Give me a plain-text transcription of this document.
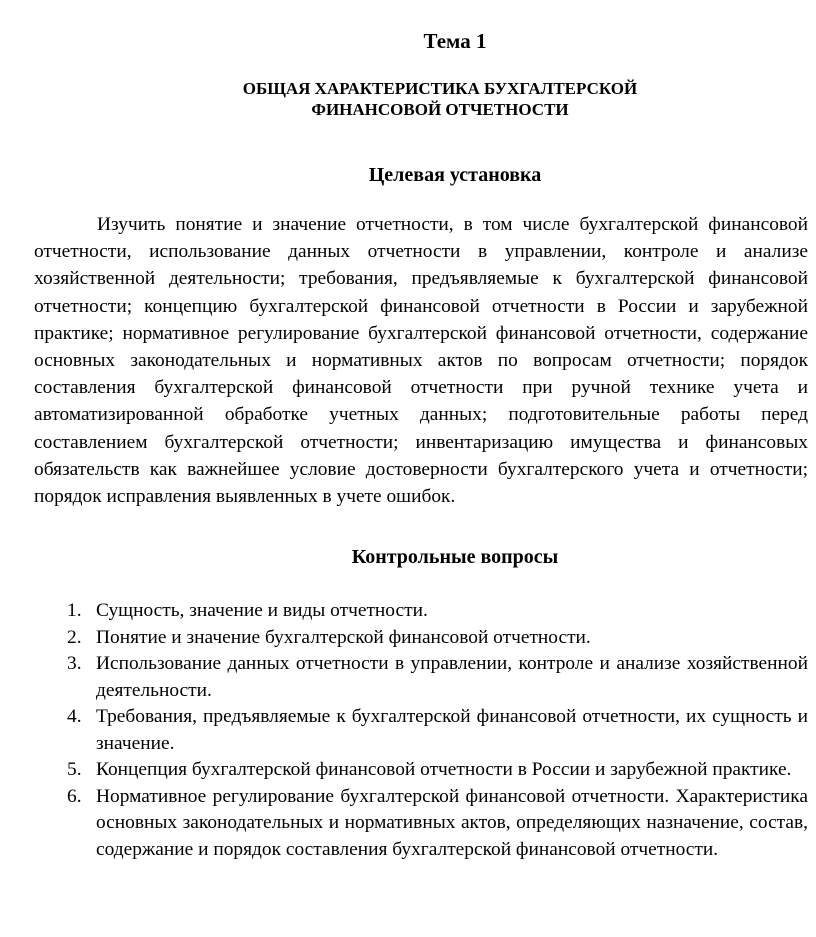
Тема 1

ОБЩАЯ ХАРАКТЕРИСТИКА БУХГАЛТЕРСКОЙ
ФИНАНСОВОЙ ОТЧЕТНОСТИ
Целевая установка

Изучить понятие и значение отчетности, в том числе бухгалтерской финансовой отчетности, использование данных отчетности в управлении, контроле и анализе хозяйственной деятельности; требования, предъявляемые к бухгалтерской финансовой отчетности; концепцию бухгалтерской финансовой отчетности в России и зарубежной практике; нормативное регулирование бухгалтерской финансовой отчетности, содержание основных законодательных и нормативных актов по вопросам отчетности; порядок составления бухгалтерской финансовой отчетности при ручной технике учета и автоматизированной обработке учетных данных; подготовительные работы перед составлением бухгалтерской отчетности; инвентаризацию имущества и финансовых обязательств как важнейшее условие достоверности бухгалтерского учета и отчетности; порядок исправления выявленных в учете ошибок.

Контрольные вопросы
1. Сущность, значение и виды отчетности.
2. Понятие и значение бухгалтерской финансовой отчетности.
3. Использование данных отчетности в управлении, контроле и анализе хозяйственной деятельности.
4. Требования, предъявляемые к бухгалтерской финансовой отчетности, их сущность и значение.
5. Концепция бухгалтерской финансовой отчетности в России и зарубежной практике.
6. Нормативное регулирование бухгалтерской финансовой отчетности. Характеристика основных законодательных и нормативных актов, определяющих назначение, состав, содержание и порядок составления бухгалтерской финансовой отчетности.
